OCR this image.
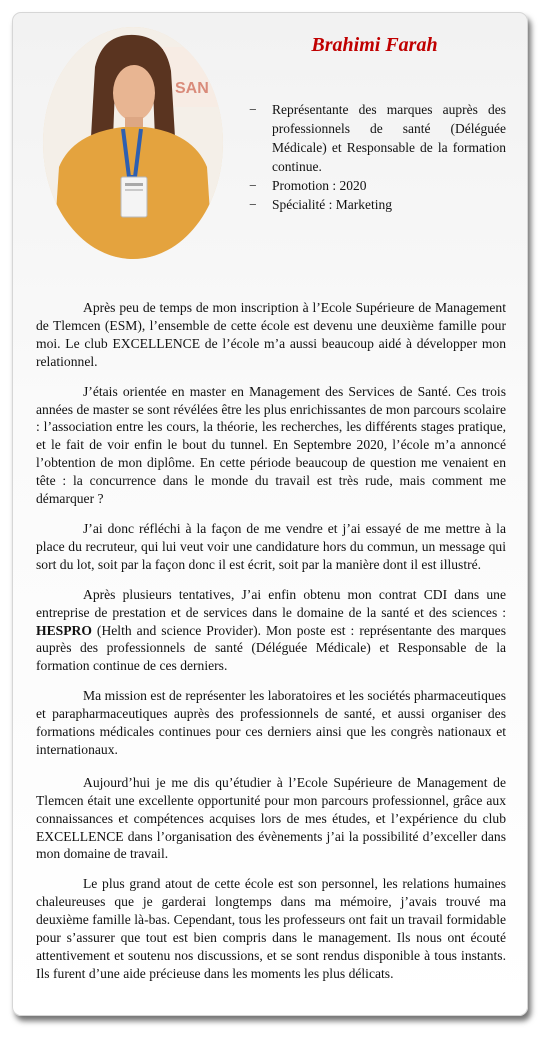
SAN
Brahimi Farah
− Représentante des marques auprès des professionnels de santé (Déléguée Médicale) et Responsable de la formation continue.
− Promotion : 2020
− Spécialité : Marketing

Après peu de temps de mon inscription à l’Ecole Supérieure de Management de Tlemcen (ESM), l’ensemble de cette école est devenu une deuxième famille pour moi. Le club EXCELLENCE de l’école m’a aussi beaucoup aidé à développer mon relationnel.

J’étais orientée en master en Management des Services de Santé. Ces trois années de master se sont révélées être les plus enrichissantes de mon parcours scolaire : l’association entre les cours, la théorie, les recherches, les différents stages pratique, et le fait de voir enfin le bout du tunnel. En Septembre 2020, l’école m’a annoncé l’obtention de mon diplôme. En cette période beaucoup de question me venaient en tête : la concurrence dans le monde du travail est très rude, mais comment me démarquer ?

J’ai donc réfléchi à la façon de me vendre et j’ai essayé de me mettre à la place du recruteur, qui lui veut voir une candidature hors du commun, un message qui sort du lot, soit par la façon donc il est écrit, soit par la manière dont il est illustré.

Après plusieurs tentatives, J’ai enfin obtenu mon contrat CDI dans une entreprise de prestation et de services dans le domaine de la santé et des sciences : HESPRO (Helth and science Provider). Mon poste est : représentante des marques auprès des professionnels de santé (Déléguée Médicale) et Responsable de la formation continue de ces derniers.

Ma mission est de représenter les laboratoires et les sociétés pharmaceutiques et parapharmaceutiques auprès des professionnels de santé, et aussi organiser des formations médicales continues pour ces derniers ainsi que les congrès nationaux et internationaux.

Aujourd’hui je me dis qu’étudier à l’Ecole Supérieure de Management de Tlemcen était une excellente opportunité pour mon parcours professionnel, grâce aux connaissances et compétences acquises lors de mes études, et l’expérience du club EXCELLENCE dans l’organisation des évènements j’ai la possibilité d’exceller dans mon domaine de travail.

Le plus grand atout de cette école est son personnel, les relations humaines chaleureuses que je garderai longtemps dans ma mémoire, j’avais trouvé ma deuxième famille là-bas. Cependant, tous les professeurs ont fait un travail formidable pour s’assurer que tout est bien compris dans le management. Ils nous ont écouté attentivement et soutenu nos discussions, et se sont rendus disponible à tous instants. Ils furent d’une aide précieuse dans les moments les plus délicats.
